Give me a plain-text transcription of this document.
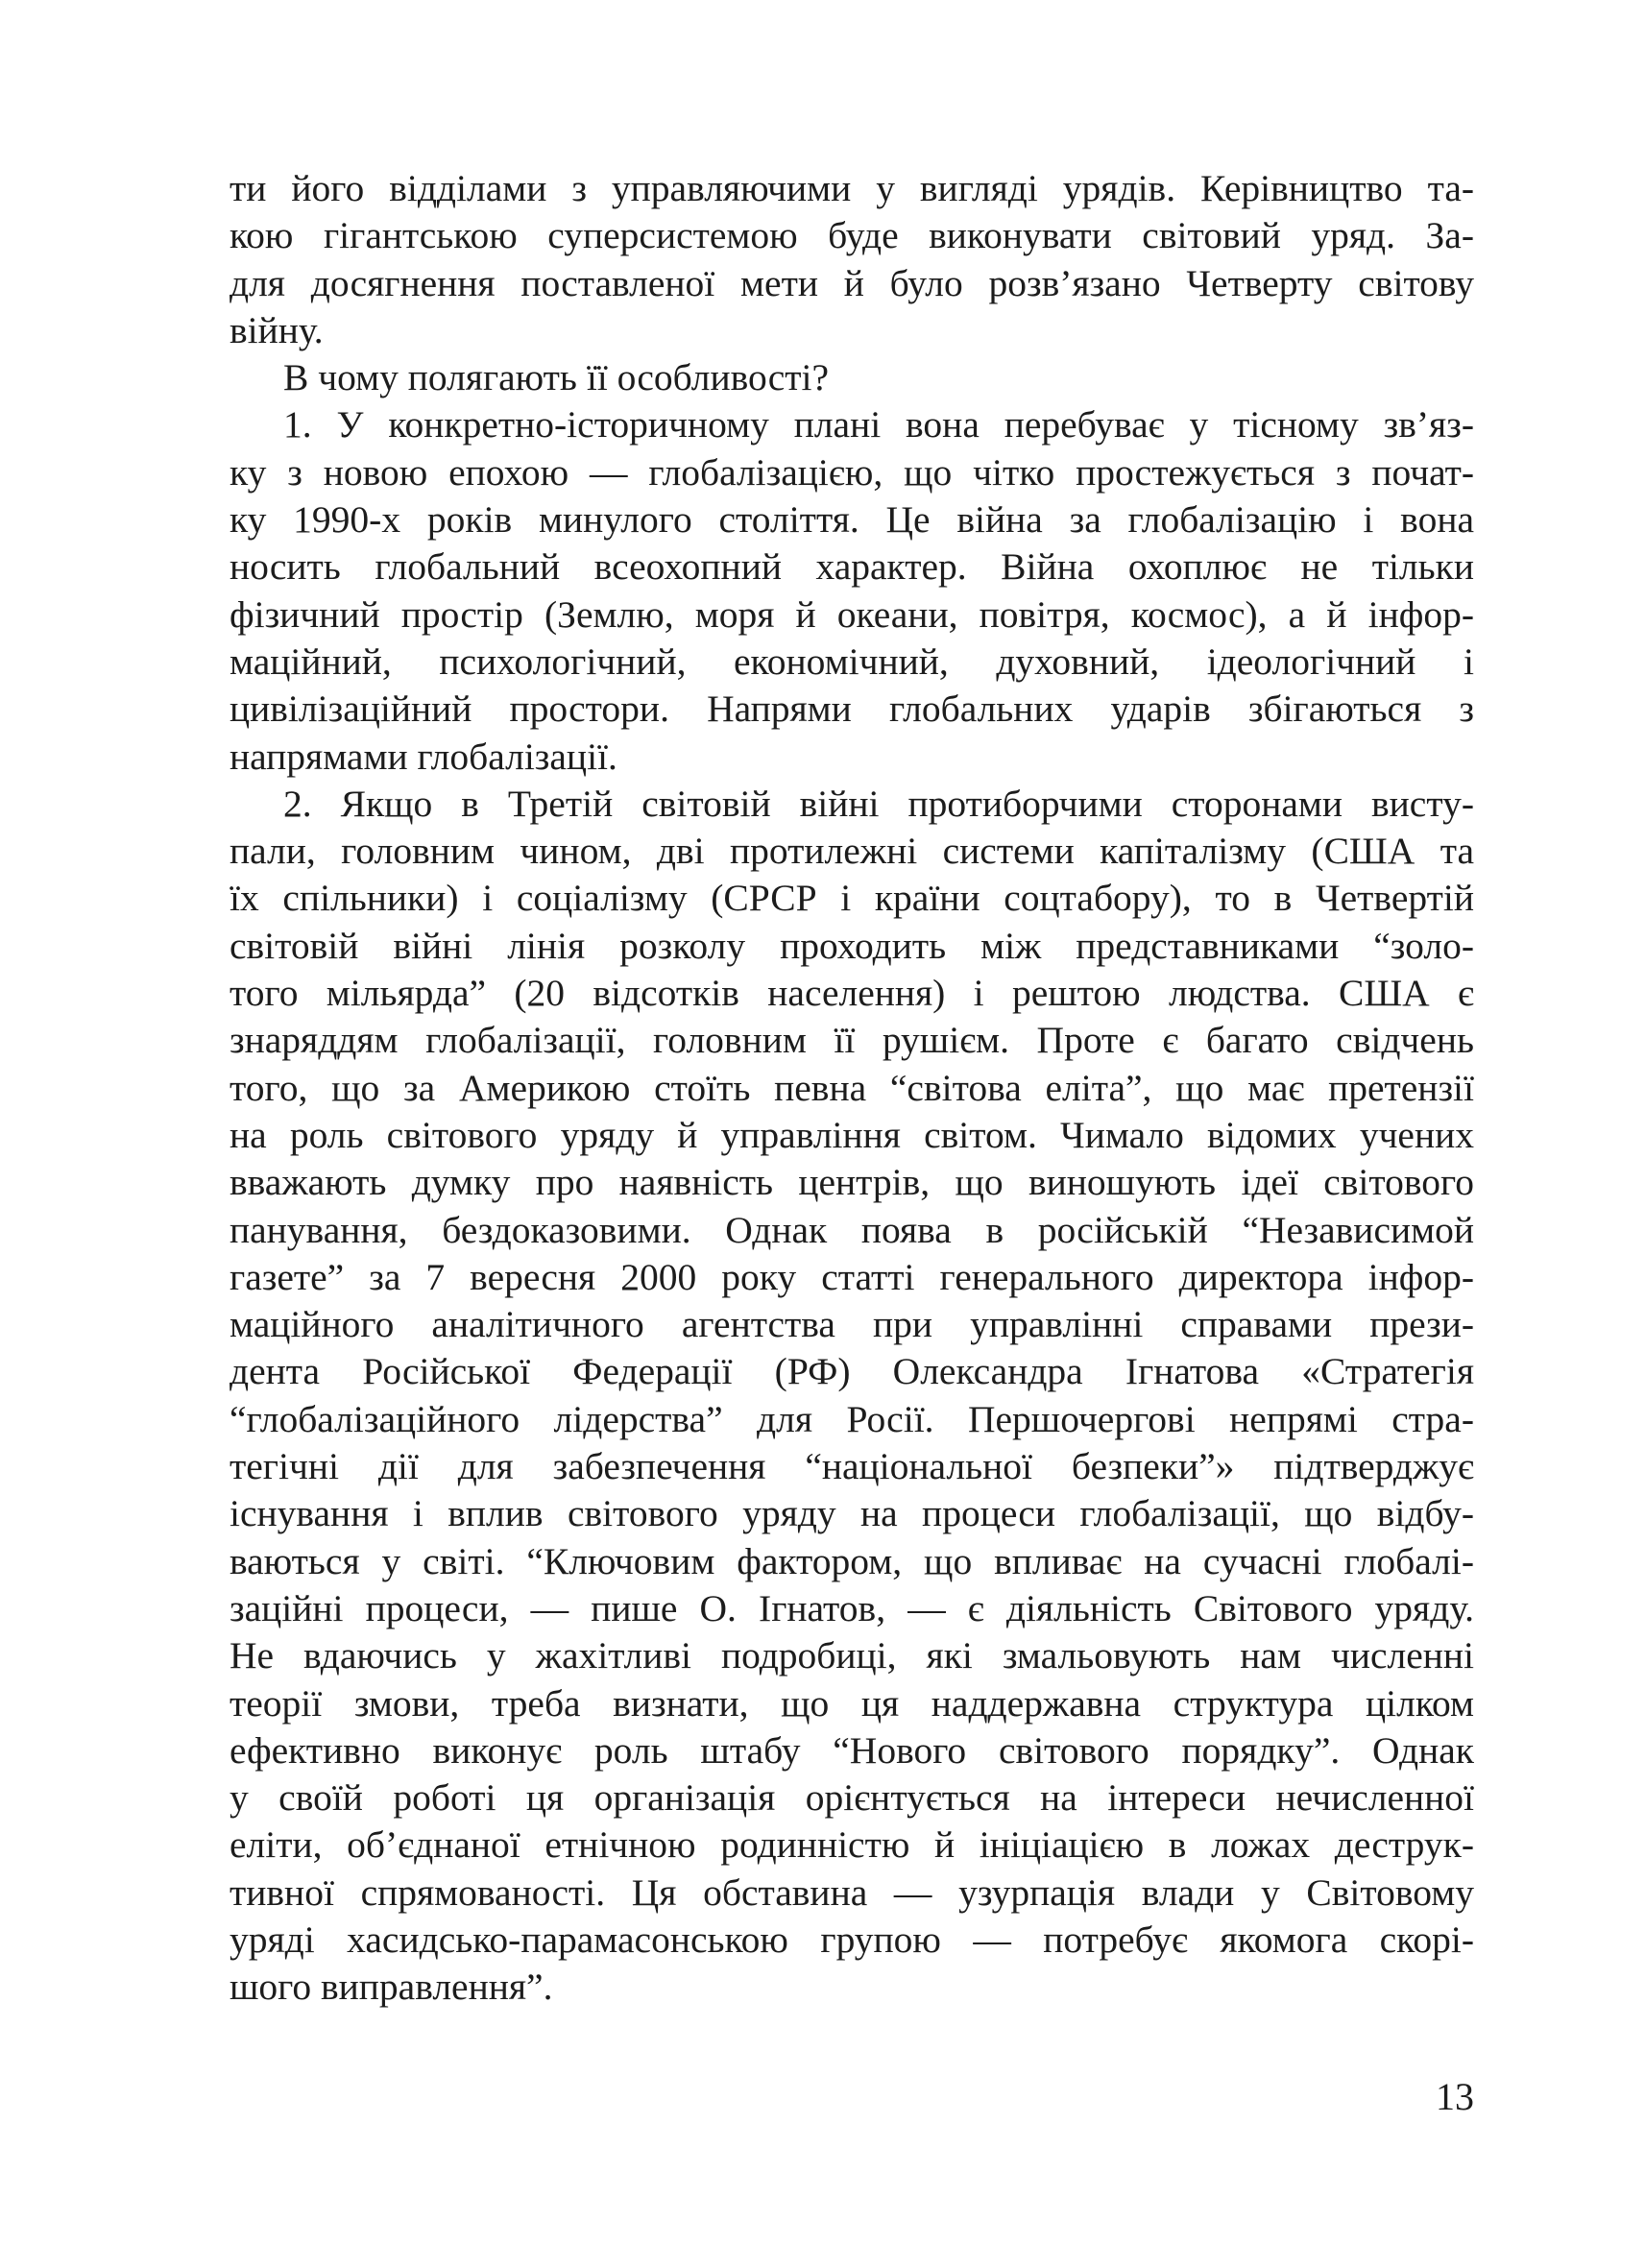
ти його відділами з управляючими у вигляді урядів. Керівництво та-
кою гігантською суперсистемою буде виконувати світовий уряд. За-
для досягнення поставленої мети й було розв’язано Четверту світову
війну.
В чому полягають її особливості?
1. У конкретно-історичному плані вона перебуває у тісному зв’яз-
ку з новою епохою — глобалізацією, що чітко простежується з почат-
ку 1990-х років минулого століття. Це війна за глобалізацію і вона
носить глобальний всеохопний характер. Війна охоплює не тільки
фізичний простір (Землю, моря й океани, повітря, космос), а й інфор-
маційний, психологічний, економічний, духовний, ідеологічний і
цивілізаційний простори. Напрями глобальних ударів збігаються з
напрямами глобалізації.
2. Якщо в Третій світовій війні протиборчими сторонами висту-
пали, головним чином, дві протилежні системи капіталізму (США та
їх спільники) і соціалізму (СРСР і країни соцтабору), то в Четвертій
світовій війні лінія розколу проходить між представниками “золо-
того мільярда” (20 відсотків населення) і рештою людства. США є
знаряддям глобалізації, головним її рушієм. Проте є багато свідчень
того, що за Америкою стоїть певна “світова еліта”, що має претензії
на роль світового уряду й управління світом. Чимало відомих учених
вважають думку про наявність центрів, що виношують ідеї світового
панування, бездоказовими. Однак поява в російській “Независимой
газете” за 7 вересня 2000 року статті генерального директора інфор-
маційного аналітичного агентства при управлінні справами прези-
дента Російської Федерації (РФ) Олександра Ігнатова «Стратегія
“глобалізаційного лідерства” для Росії. Першочергові непрямі стра-
тегічні дії для забезпечення “національної безпеки”» підтверджує
існування і вплив світового уряду на процеси глобалізації, що відбу-
ваються у світі. “Ключовим фактором, що впливає на сучасні глобалі-
заційні процеси, — пише О. Ігнатов, — є діяльність Світового уряду.
Не вдаючись у жахітливі подробиці, які змальовують нам численні
теорії змови, треба визнати, що ця наддержавна структура цілком
ефективно виконує роль штабу “Нового світового порядку”. Однак
у своїй роботі ця організація орієнтується на інтереси нечисленної
еліти, об’єднаної етнічною родинністю й ініціацією в ложах деструк-
тивної спрямованості. Ця обставина — узурпація влади у Світовому
уряді хасидсько-парамасонською групою — потребує якомога скорі-
шого виправлення”.
13
